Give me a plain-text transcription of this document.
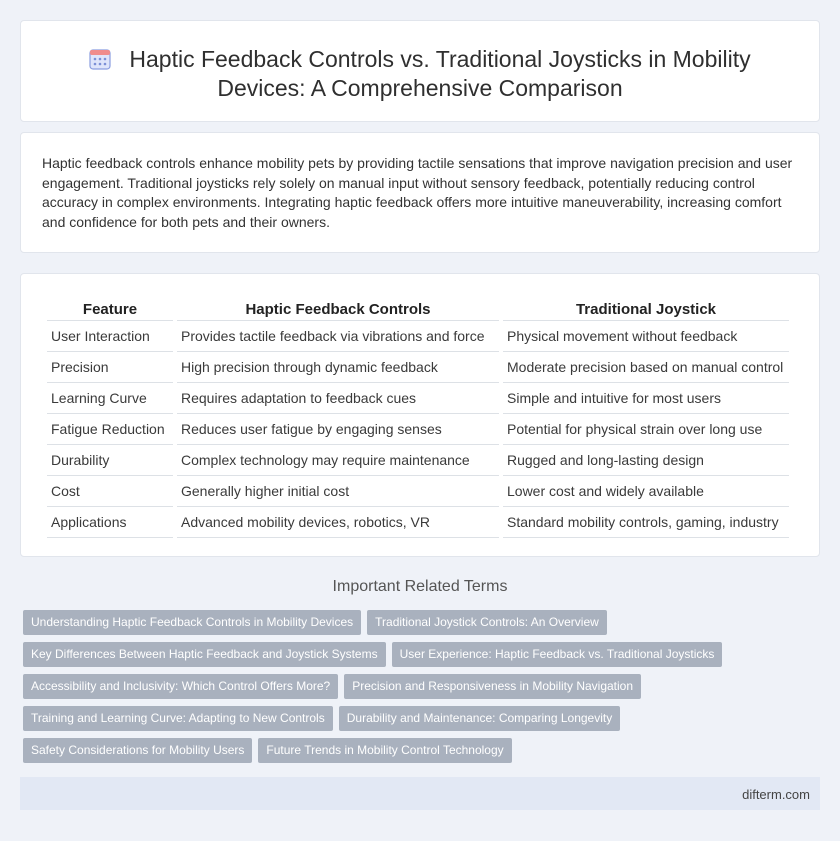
Haptic Feedback Controls vs. Traditional Joysticks in Mobility Devices: A Comprehensive Comparison

Haptic feedback controls enhance mobility pets by providing tactile sensations that improve navigation precision and user engagement. Traditional joysticks rely solely on manual input without sensory feedback, potentially reducing control accuracy in complex environments. Integrating haptic feedback offers more intuitive maneuverability, increasing comfort and confidence for both pets and their owners.

Feature	Haptic Feedback Controls	Traditional Joystick
User Interaction	Provides tactile feedback via vibrations and force	Physical movement without feedback
Precision	High precision through dynamic feedback	Moderate precision based on manual control
Learning Curve	Requires adaptation to feedback cues	Simple and intuitive for most users
Fatigue Reduction	Reduces user fatigue by engaging senses	Potential for physical strain over long use
Durability	Complex technology may require maintenance	Rugged and long-lasting design
Cost	Generally higher initial cost	Lower cost and widely available
Applications	Advanced mobility devices, robotics, VR	Standard mobility controls, gaming, industry
Important Related Terms
Understanding Haptic Feedback Controls in Mobility Devices Traditional Joystick Controls: An Overview
Key Differences Between Haptic Feedback and Joystick Systems User Experience: Haptic Feedback vs. Traditional Joysticks
Accessibility and Inclusivity: Which Control Offers More? Precision and Responsiveness in Mobility Navigation
Training and Learning Curve: Adapting to New Controls Durability and Maintenance: Comparing Longevity
Safety Considerations for Mobility Users Future Trends in Mobility Control Technology
difterm.com
